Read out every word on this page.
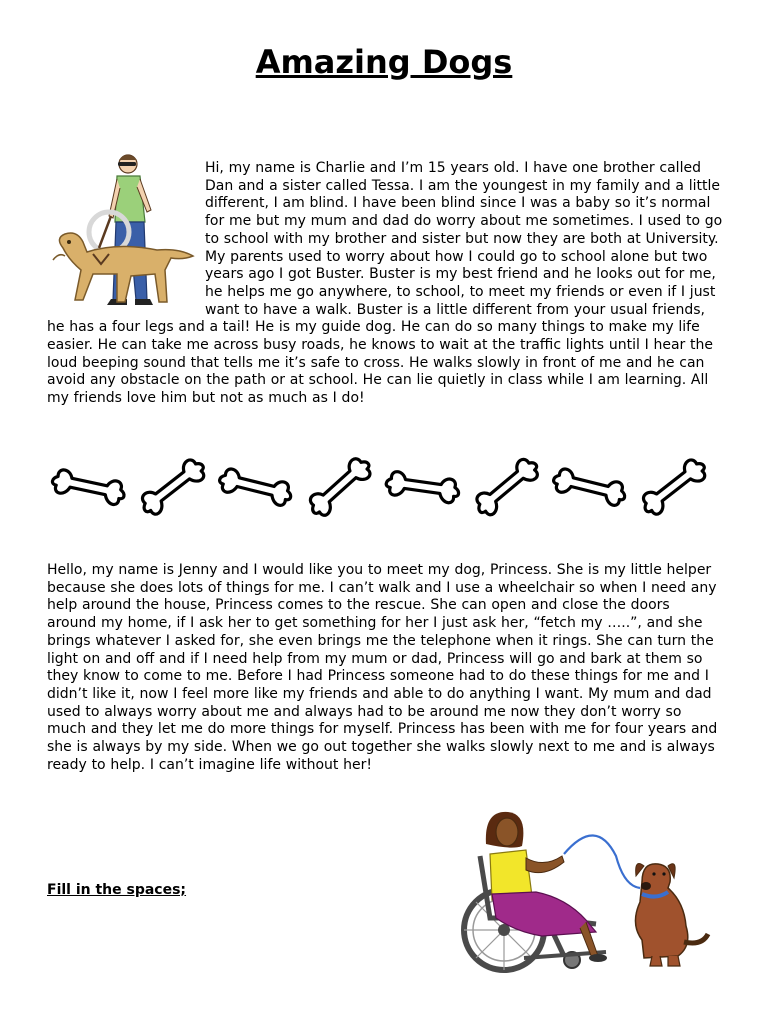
Amazing Dogs
Hi, my name is Charlie and I’m 15 years old. I have one brother called Dan and a sister called Tessa. I am the youngest in my family and a little different, I am blind. I have been blind since I was a baby so it’s normal for me but my mum and dad do worry about me sometimes. I used to go to school with my brother and sister but now they are both at University. My parents used to worry about how I could go to school alone but two years ago I got Buster. Buster is my best friend and he looks out for me, he helps me go anywhere, to school, to meet my friends or even if I just want to have a walk. Buster is a little different from your usual friends, he has a four legs and a tail! He is my guide dog. He can do so many things to make my life easier. He can take me across busy roads, he knows to wait at the traffic lights until I hear the loud beeping sound that tells me it’s safe to cross. He walks slowly in front of me and he can avoid any obstacle on the path or at school. He can lie quietly in class while I am learning. All my friends love him but not as much as I do!
Hello, my name is Jenny and I would like you to meet my dog, Princess. She is my little helper because she does lots of things for me. I can’t walk and I use a wheelchair so when I need any help around the house, Princess comes to the rescue. She can open and close the doors around my home, if I ask her to get something for her I just ask her, “fetch my …..”, and she brings whatever I asked for, she even brings me the telephone when it rings. She can turn the light on and off and if I need help from my mum or dad, Princess will go and bark at them so they know to come to me. Before I had Princess someone had to do these things for me and I didn’t like it, now I feel more like my friends and able to do anything I want. My mum and dad used to always worry about me and always had to be around me now they don’t worry so much and they let me do more things for myself. Princess has been with me for four years and she is always by my side. When we go out together she walks slowly next to me and is always ready to help. I can’t imagine life without her!

Fill in the spaces;
